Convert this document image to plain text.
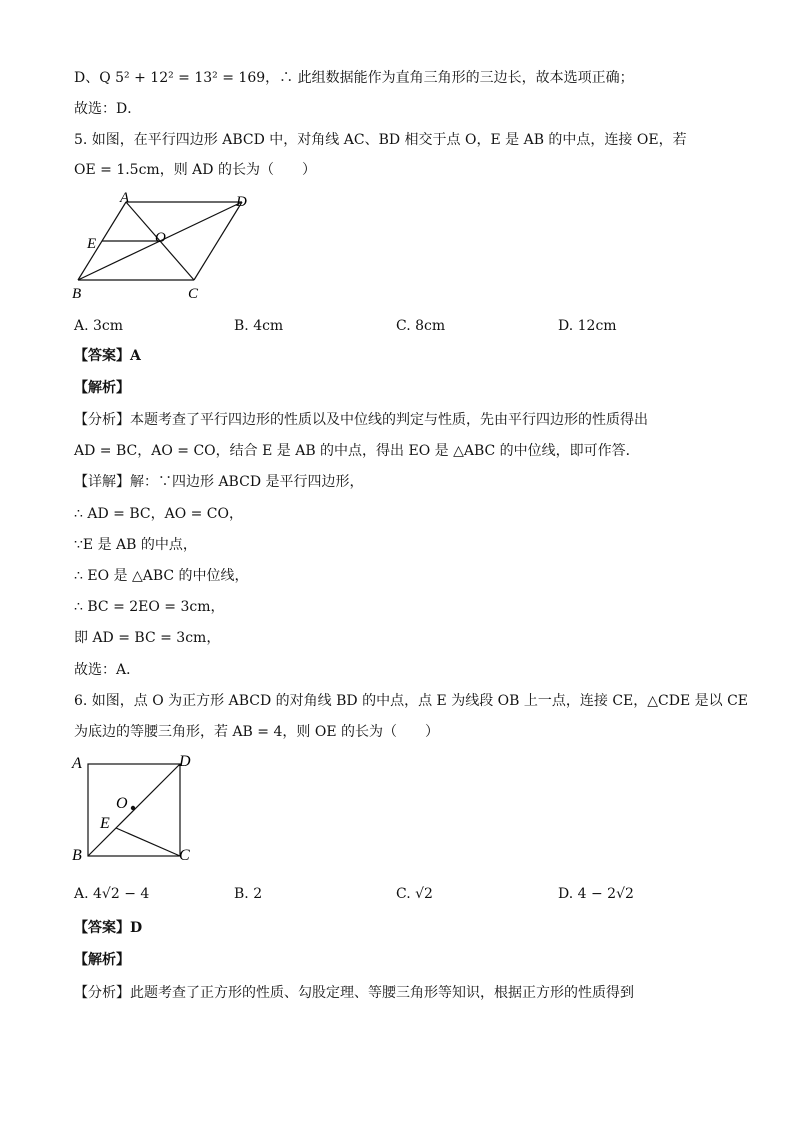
D、Q 5² + 12² = 13² = 169，∴ 此组数据能作为直角三角形的三边长，故本选项正确；
故选：D．
5. 如图，在平行四边形 ABCD 中，对角线 AC、BD 相交于点 O，E 是 AB 的中点，连接 OE，若
OE = 1.5cm，则 AD 的长为（　　）
A	D
E	O
B	C
A. 3cm	B. 4cm	C. 8cm	D. 12cm
【答案】A
【解析】
【分析】本题考查了平行四边形的性质以及中位线的判定与性质，先由平行四边形的性质得出
AD = BC，AO = CO，结合 E 是 AB 的中点，得出 EO 是 △ABC 的中位线，即可作答．
【详解】解：∵四边形 ABCD 是平行四边形，
∴ AD = BC，AO = CO，
∵E 是 AB 的中点，
∴ EO 是 △ABC 的中位线，
∴ BC = 2EO = 3cm，
即 AD = BC = 3cm，
故选：A．
6. 如图，点 O 为正方形 ABCD 的对角线 BD 的中点，点 E 为线段 OB 上一点，连接 CE，△CDE 是以 CE
为底边的等腰三角形，若 AB = 4，则 OE 的长为（　　）
A	D
O
E
B	C
A. 4√2 − 4	B. 2	C. √2	D. 4 − 2√2
【答案】D
【解析】
【分析】此题考查了正方形的性质、勾股定理、等腰三角形等知识，根据正方形的性质得到
